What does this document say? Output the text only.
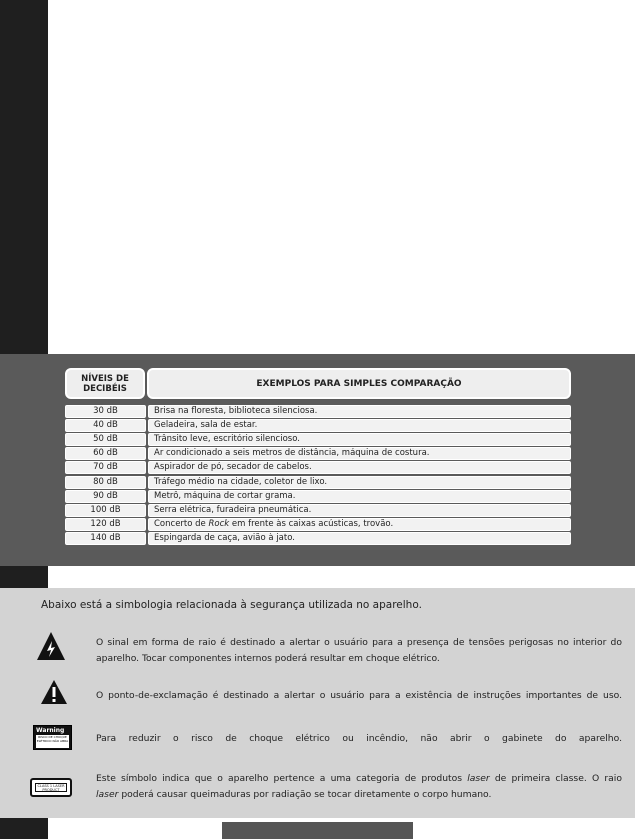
NÍVEIS DE
DECIBÉIS	EXEMPLOS PARA SIMPLES COMPARAÇÃO
30 dB	Brisa na floresta, biblioteca silenciosa.
40 dB	Geladeira, sala de estar.
50 dB	Trânsito leve, escritório silencioso.
60 dB	Ar condicionado a seis metros de distância, máquina de costura.
70 dB	Aspirador de pó, secador de cabelos.
80 dB	Tráfego médio na cidade, coletor de lixo.
90 dB	Metrô, máquina de cortar grama.
100 dB	Serra elétrica, furadeira pneumática.
120 dB	Concerto de Rock em frente às caixas acústicas, trovão.
140 dB	Espingarda de caça, avião à jato.
Abaixo está a simbologia relacionada à segurança utilizada no aparelho.
O sinal em forma de raio é destinado a alertar o usuário para a presença de tensões perigosas no interior do
aparelho. Tocar componentes internos poderá resultar em choque elétrico.
O ponto-de-exclamação é destinado a alertar o usuário para a existência de instruções importantes de uso.
Warning
RISCO DE CHOQUE ELÉTRICO NÃO ABRA	Para reduzir o risco de choque elétrico ou incêndio, não abrir o gabinete do aparelho.
CLASS 1 LASER PRODUCT
Este símbolo indica que o aparelho pertence a uma categoria de produtos laser de primeira classe. O raio
laser poderá causar queimaduras por radiação se tocar diretamente o corpo humano.
